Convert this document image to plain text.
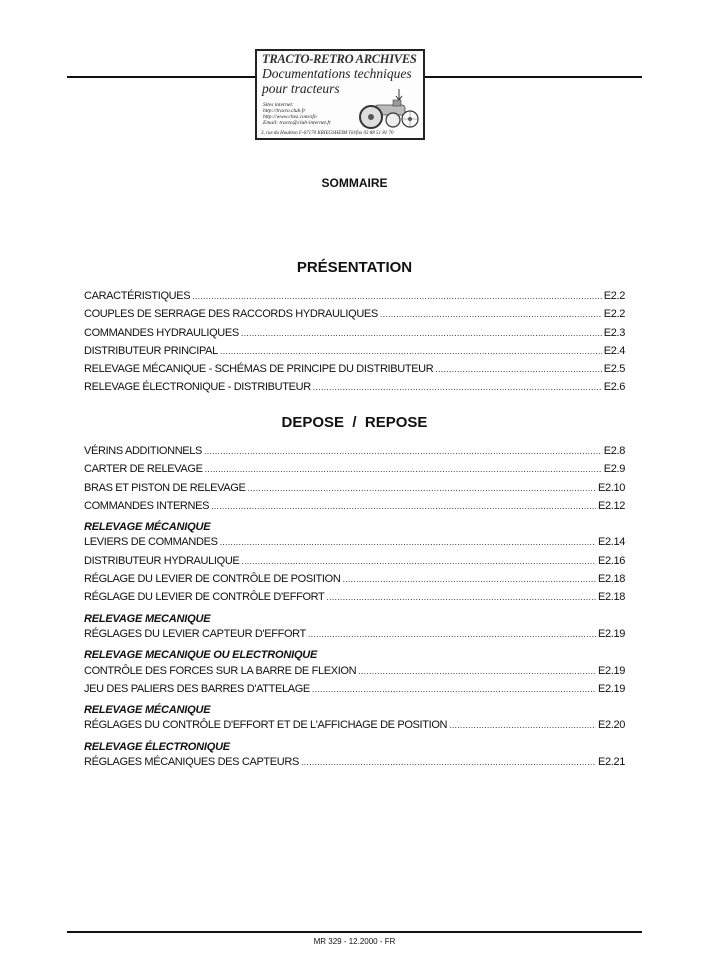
TRACTO-RETRO ARCHIVES
Documentations techniques
pour tracteurs
Sites internet:
http://tracto.club.fr
http://www.chez.com/sfo
Email: tracto@club-internet.fr
3, rue du Houblon F-67170 KRIEGSHEIM Tél/fax 03 88 51 81 70
SOMMAIRE
PRÉSENTATION
CARACTÉRISTIQUES .....	E2.2
COUPLES DE SERRAGE DES RACCORDS HYDRAULIQUES .....	E2.2
COMMANDES HYDRAULIQUES .....	E2.3
DISTRIBUTEUR PRINCIPAL .....	E2.4
RELEVAGE MÉCANIQUE - SCHÉMAS DE PRINCIPE DU DISTRIBUTEUR .....	E2.5
RELEVAGE ÉLECTRONIQUE - DISTRIBUTEUR .....	E2.6
DEPOSE  /  REPOSE
VÉRINS ADDITIONNELS .....	E2.8
CARTER DE RELEVAGE .....	E2.9
BRAS ET PISTON DE RELEVAGE .....	E2.10
COMMANDES INTERNES .....	E2.12
RELEVAGE MÉCANIQUE
LEVIERS DE COMMANDES .....	E2.14
DISTRIBUTEUR HYDRAULIQUE .....	E2.16
RÉGLAGE DU LEVIER DE CONTRÔLE DE POSITION .....	E2.18
RÉGLAGE DU LEVIER DE CONTRÔLE D'EFFORT .....	E2.18
RELEVAGE MECANIQUE
RÉGLAGES DU LEVIER CAPTEUR D'EFFORT .....	E2.19
RELEVAGE MECANIQUE OU ELECTRONIQUE
CONTRÔLE DES FORCES SUR LA BARRE DE FLEXION .....	E2.19
JEU DES PALIERS DES BARRES D'ATTELAGE .....	E2.19
RELEVAGE MÉCANIQUE
RÉGLAGES DU CONTRÔLE D'EFFORT ET DE L'AFFICHAGE DE POSITION .....	E2.20
RELEVAGE ÉLECTRONIQUE
RÉGLAGES MÉCANIQUES DES CAPTEURS .....	E2.21
MR 329 - 12.2000 - FR
